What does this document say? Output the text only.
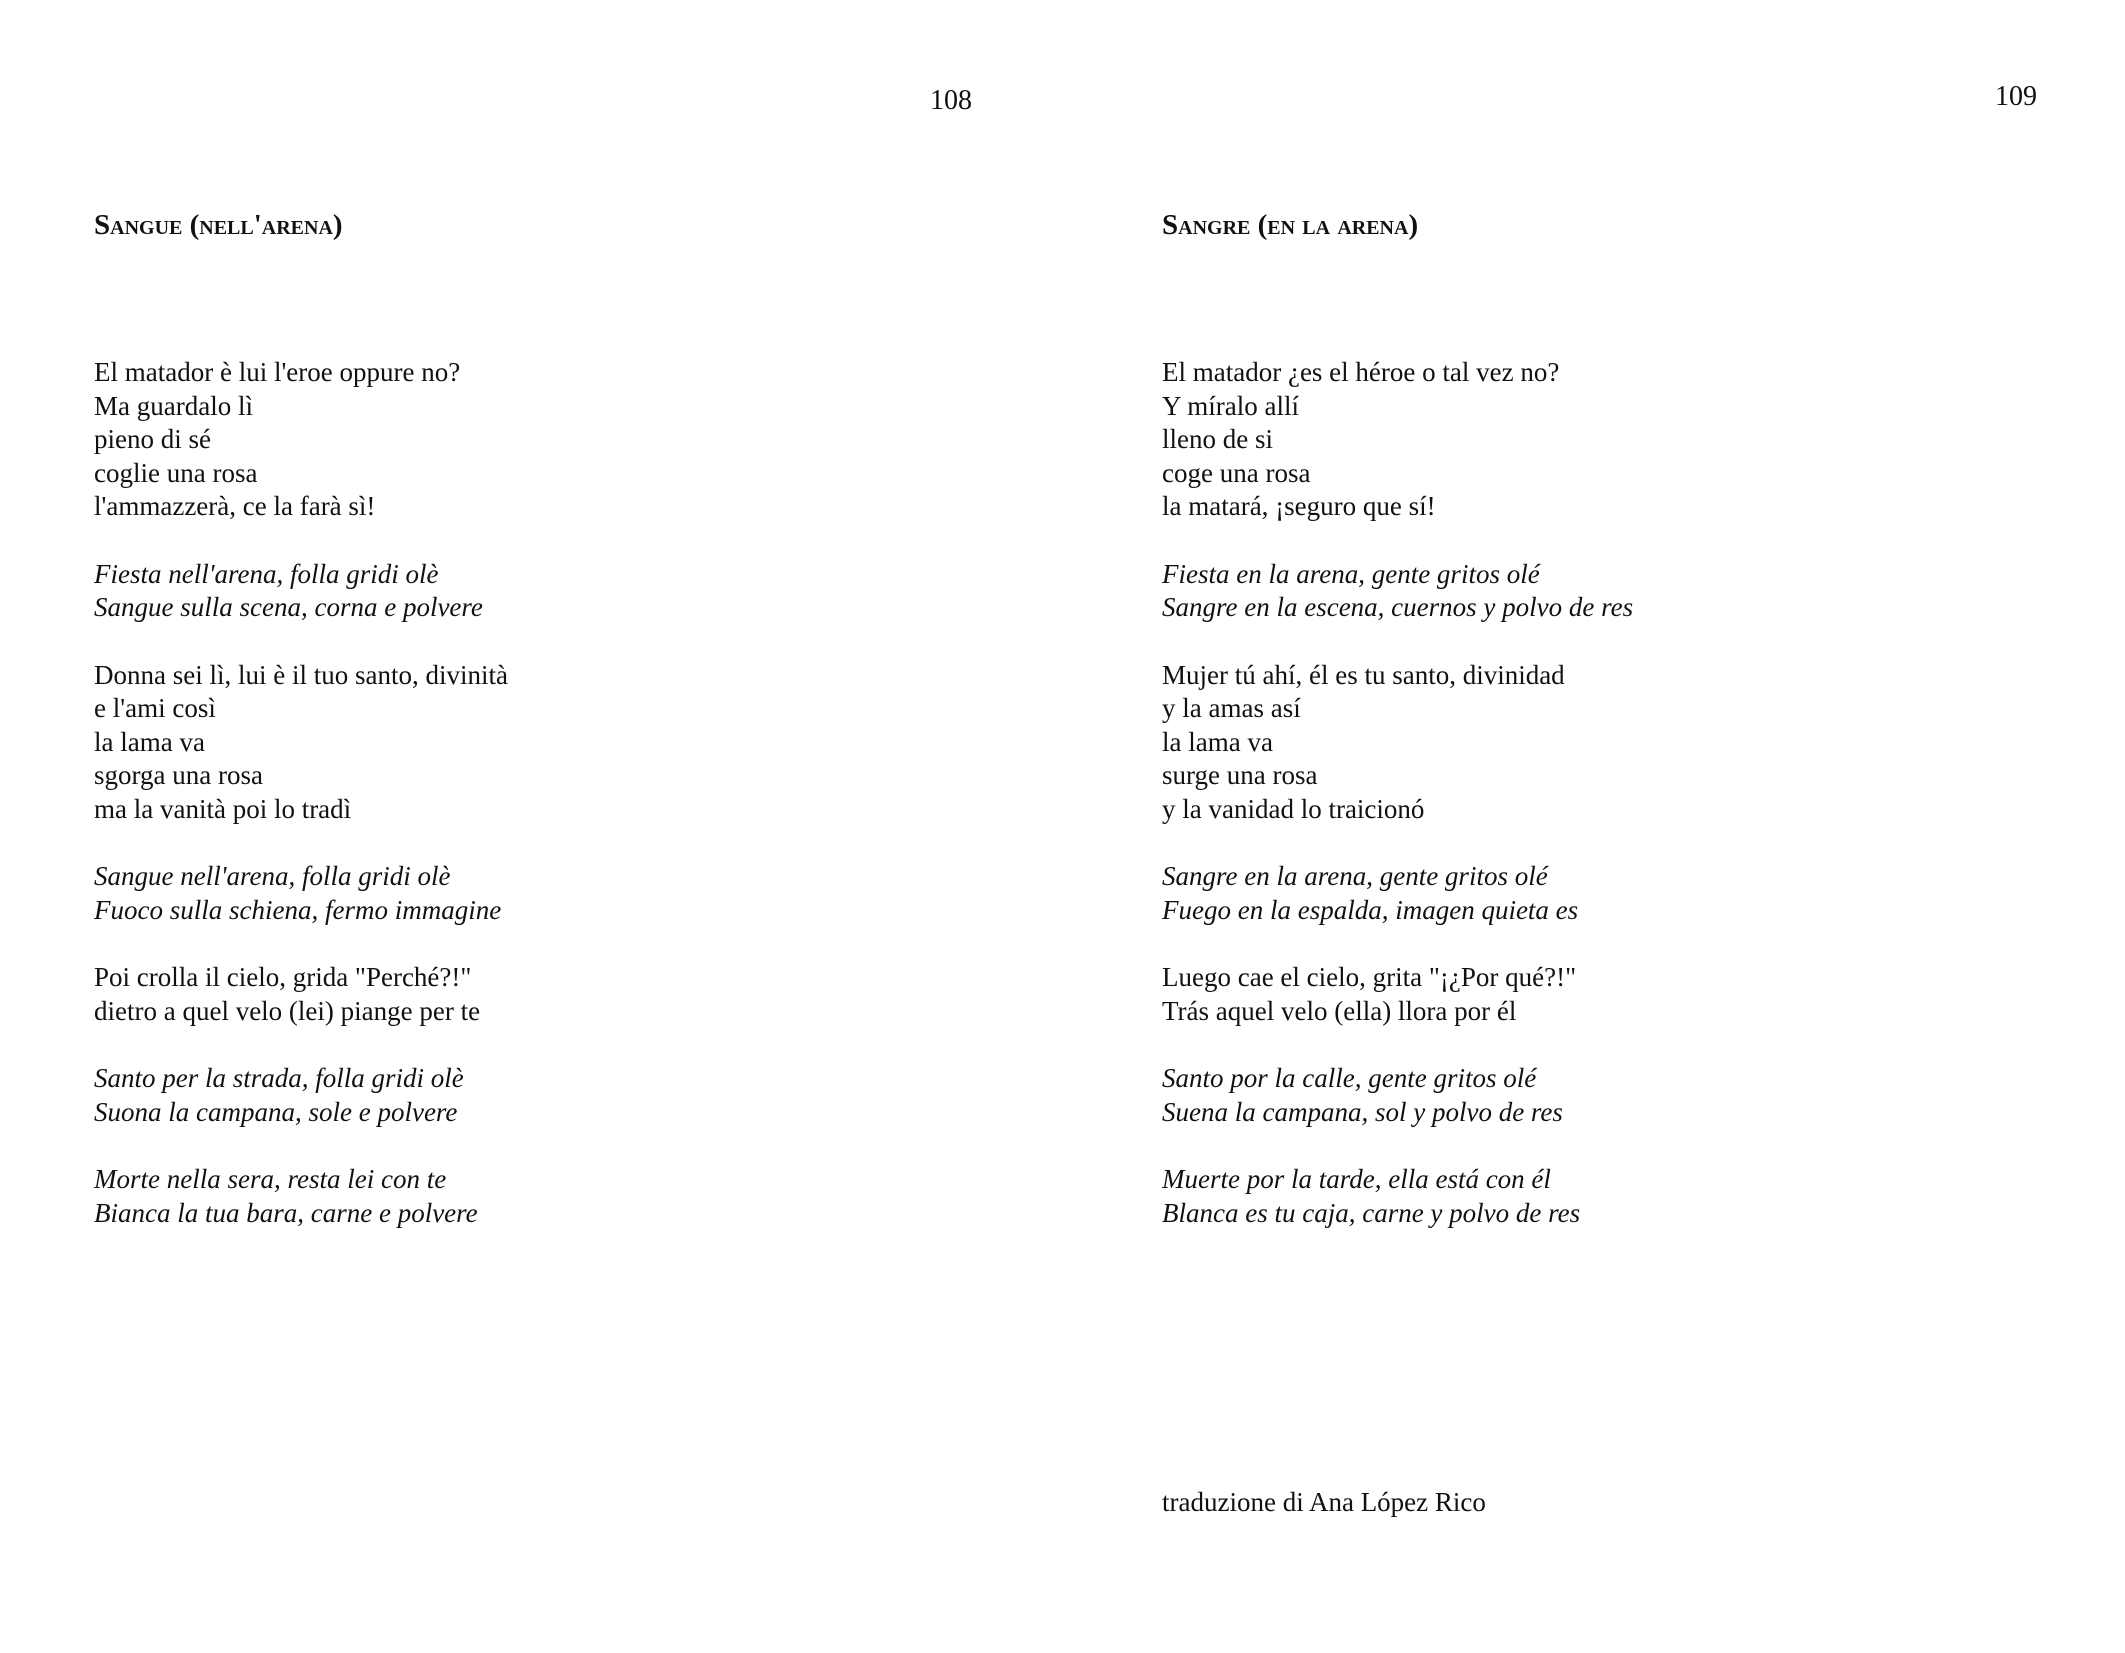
108	109
Sangue (nell'arena)
El matador è lui l'eroe oppure no?
Ma guardalo lì
pieno di sé
coglie una rosa
l'ammazzerà, ce la farà sì!
Fiesta nell'arena, folla gridi olè
Sangue sulla scena, corna e polvere
Donna sei lì, lui è il tuo santo, divinità
e l'ami così
la lama va
sgorga una rosa
ma la vanità poi lo tradì
Sangue nell'arena, folla gridi olè
Fuoco sulla schiena, fermo immagine
Poi crolla il cielo, grida "Perché?!"
dietro a quel velo (lei) piange per te
Santo per la strada, folla gridi olè
Suona la campana, sole e polvere
Morte nella sera, resta lei con te
Bianca la tua bara, carne e polvere
Sangre (en la arena)
El matador ¿es el héroe o tal vez no?
Y míralo allí
lleno de si
coge una rosa
la matará, ¡seguro que sí!
Fiesta en la arena, gente gritos olé
Sangre en la escena, cuernos y polvo de res
Mujer tú ahí, él es tu santo, divinidad
y la amas así
la lama va
surge una rosa
y la vanidad lo traicionó
Sangre en la arena, gente gritos olé
Fuego en la espalda, imagen quieta es
Luego cae el cielo, grita "¡¿Por qué?!"
Trás aquel velo (ella) llora por él
Santo por la calle, gente gritos olé
Suena la campana, sol y polvo de res
Muerte por la tarde, ella está con él
Blanca es tu caja, carne y polvo de res
traduzione di Ana López Rico
